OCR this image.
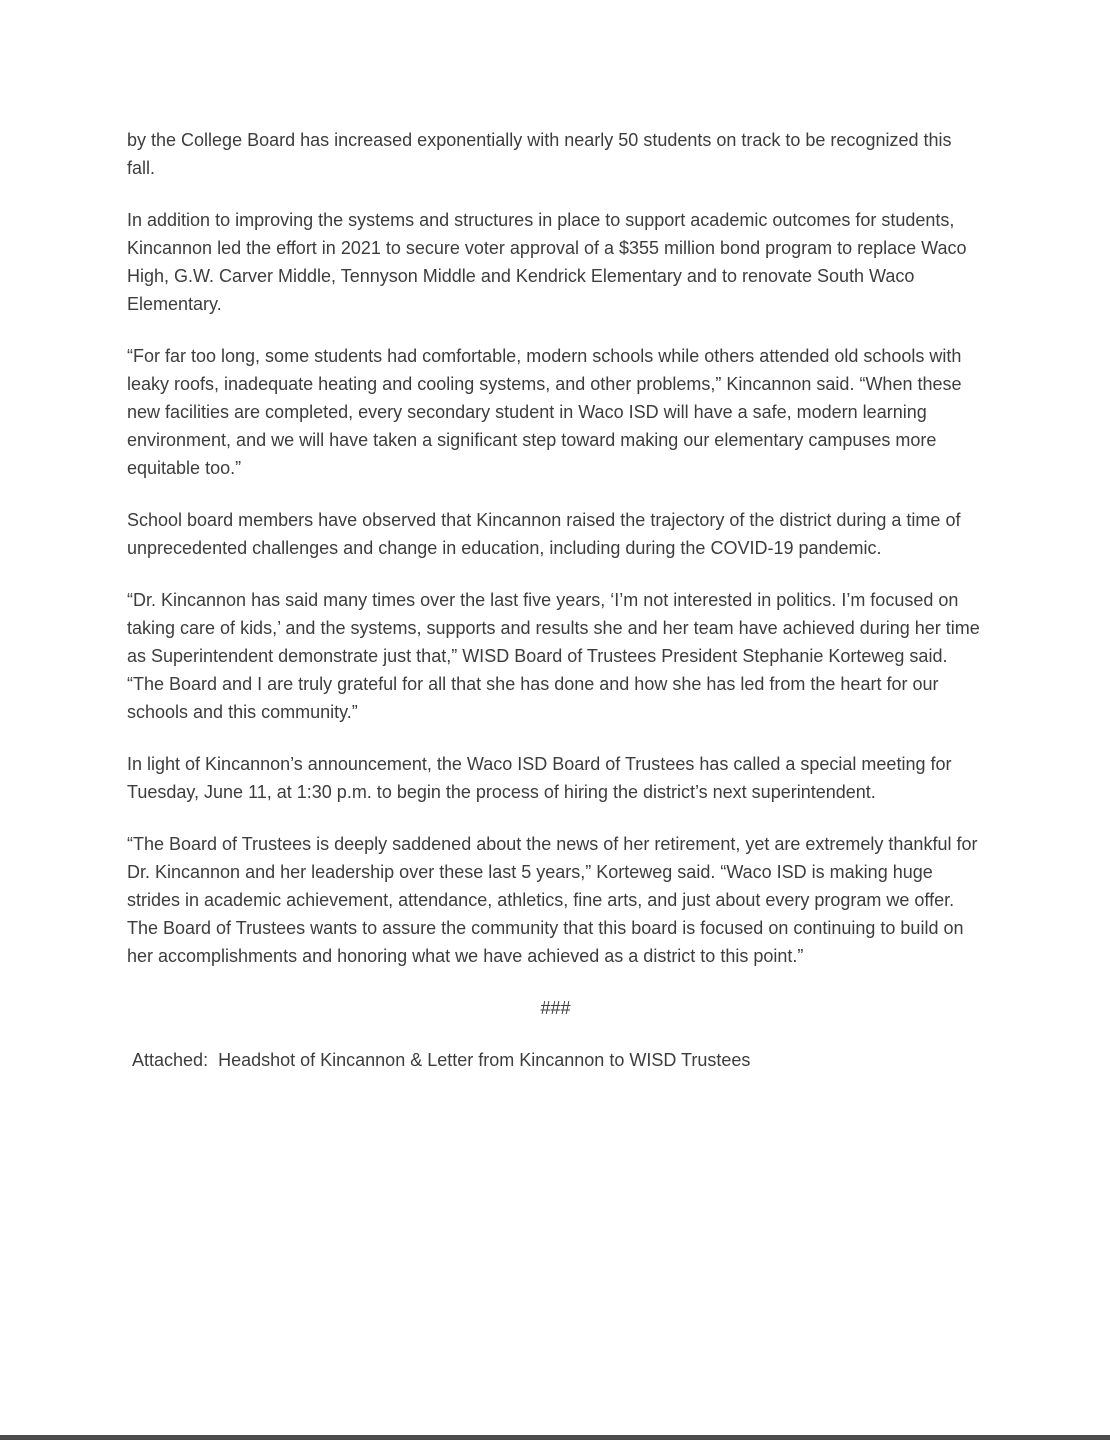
by the College Board has increased exponentially with nearly 50 students on track to be recognized this fall.

In addition to improving the systems and structures in place to support academic outcomes for students, Kincannon led the effort in 2021 to secure voter approval of a $355 million bond program to replace Waco High, G.W. Carver Middle, Tennyson Middle and Kendrick Elementary and to renovate South Waco Elementary.

“For far too long, some students had comfortable, modern schools while others attended old schools with leaky roofs, inadequate heating and cooling systems, and other problems,” Kincannon said. “When these new facilities are completed, every secondary student in Waco ISD will have a safe, modern learning environment, and we will have taken a significant step toward making our elementary campuses more equitable too.”

School board members have observed that Kincannon raised the trajectory of the district during a time of unprecedented challenges and change in education, including during the COVID-19 pandemic.

“Dr. Kincannon has said many times over the last five years, ‘I’m not interested in politics. I’m focused on taking care of kids,’ and the systems, supports and results she and her team have achieved during her time as Superintendent demonstrate just that,” WISD Board of Trustees President Stephanie Korteweg said. “The Board and I are truly grateful for all that she has done and how she has led from the heart for our schools and this community.”

In light of Kincannon’s announcement, the Waco ISD Board of Trustees has called a special meeting for Tuesday, June 11, at 1:30 p.m. to begin the process of hiring the district’s next superintendent.

“The Board of Trustees is deeply saddened about the news of her retirement, yet are extremely thankful for Dr. Kincannon and her leadership over these last 5 years,” Korteweg said. “Waco ISD is making huge strides in academic achievement, attendance, athletics, fine arts, and just about every program we offer. The Board of Trustees wants to assure the community that this board is focused on continuing to build on her accomplishments and honoring what we have achieved as a district to this point.”

###

Attached:  Headshot of Kincannon & Letter from Kincannon to WISD Trustees
